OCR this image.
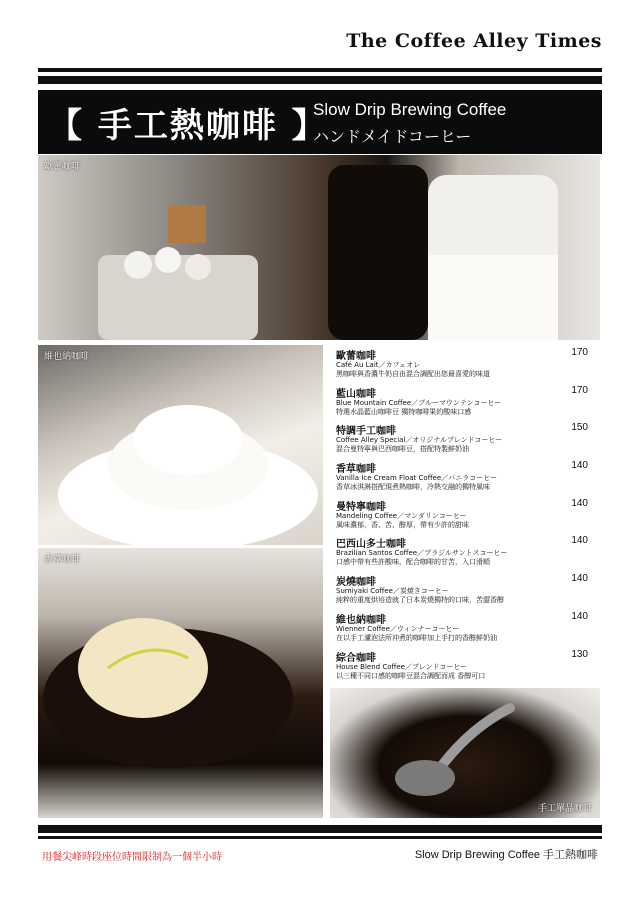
The Coffee Alley Times
【 手工熱咖啡 】
Slow Drip Brewing Coffee
ハンドメイドコーヒー
歐蕾咖啡
維也納咖啡
香草咖啡
手工單品咖啡
歐蕾咖啡	170
Café Au Lait／カフェオレ
黑咖啡與香濃牛奶自由混合調配出您最喜愛的味道
藍山咖啡	170
Blue Mountain Coffee／ブルーマウンテンコーヒー
特選水晶藍山咖啡豆 獨特咖啡果的酸味口感
特調手工咖啡	150
Coffee Alley Special／オリジナルブレンドコーヒー
混合曼特寧與巴西咖啡豆，搭配特製鮮奶油
香草咖啡	140
Vanilla Ice Cream Float Coffee／バニラコーヒー
香草冰淇淋搭配現煮熱咖啡，冷熱交融的獨特風味
曼特寧咖啡	140
Mandeling Coffee／マンダリンコーヒー
風味濃郁，香、苦、醇厚，帶有少許的甜味
巴西山多士咖啡	140
Brazilian Santos Coffee／ブラジルサントスコーヒー
口感中帶有些許酸味，配合咖啡的甘苦，入口滑順
炭燒咖啡	140
Sumiyaki Coffee／炭焼きコーヒー
純粹的重度烘培造就了日本炭燒獨特的口味，苦澀香醇
維也納咖啡	140
Wienner Coffee／ウィンナーコーヒー
在以手工濾泡法所沖煮的咖啡加上手打的香醇鮮奶油
綜合咖啡	130
House Blend Coffee／ブレンドコーヒー
以三種不同口感的咖啡豆混合調配而成 香醇可口
用餐尖峰時段座位時間限制為一個半小時	Slow Drip Brewing Coffee 手工熱咖啡
